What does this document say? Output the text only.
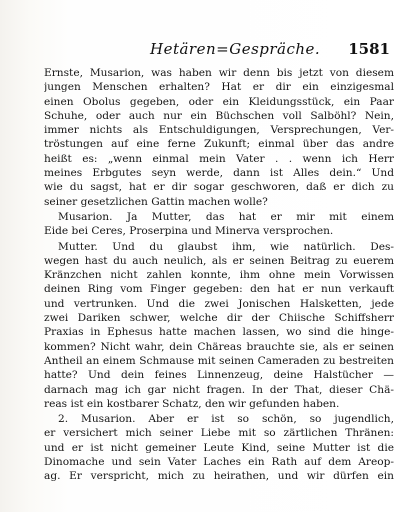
Hetären=Gespräche. 1581
Ernste, Musarion, was haben wir denn bis jetzt von diesem
jungen Menschen erhalten? Hat er dir ein einzigesmal
einen Obolus gegeben, oder ein Kleidungsstück, ein Paar
Schuhe, oder auch nur ein Büchschen voll Salböhl? Nein,
immer nichts als Entschuldigungen, Versprechungen, Ver-
tröstungen auf eine ferne Zukunft; einmal über das andre
heißt es: „wenn einmal mein Vater . . wenn ich Herr
meines Erbgutes seyn werde, dann ist Alles dein.“ Und
wie du sagst, hat er dir sogar geschworen, daß er dich zu
seiner gesetzlichen Gattin machen wolle?
Musarion. Ja Mutter, das hat er mir mit einem
Eide bei Ceres, Proserpina und Minerva versprochen.
Mutter. Und du glaubst ihm, wie natürlich. Des-
wegen hast du auch neulich, als er seinen Beitrag zu euerem
Kränzchen nicht zahlen konnte, ihm ohne mein Vorwissen
deinen Ring vom Finger gegeben: den hat er nun verkauft
und vertrunken. Und die zwei Jonischen Halsketten, jede
zwei Dariken schwer, welche dir der Chiische Schiffsherr
Praxias in Ephesus hatte machen lassen, wo sind die hinge-
kommen? Nicht wahr, dein Chäreas brauchte sie, als er seinen
Antheil an einem Schmause mit seinen Cameraden zu bestreiten
hatte? Und dein feines Linnenzeug, deine Halstücher —
darnach mag ich gar nicht fragen. In der That, dieser Chä-
reas ist ein kostbarer Schatz, den wir gefunden haben.
2. Musarion. Aber er ist so schön, so jugendlich,
er versichert mich seiner Liebe mit so zärtlichen Thränen:
und er ist nicht gemeiner Leute Kind, seine Mutter ist die
Dinomache und sein Vater Laches ein Rath auf dem Areop-
ag. Er verspricht, mich zu heirathen, und wir dürfen ein
